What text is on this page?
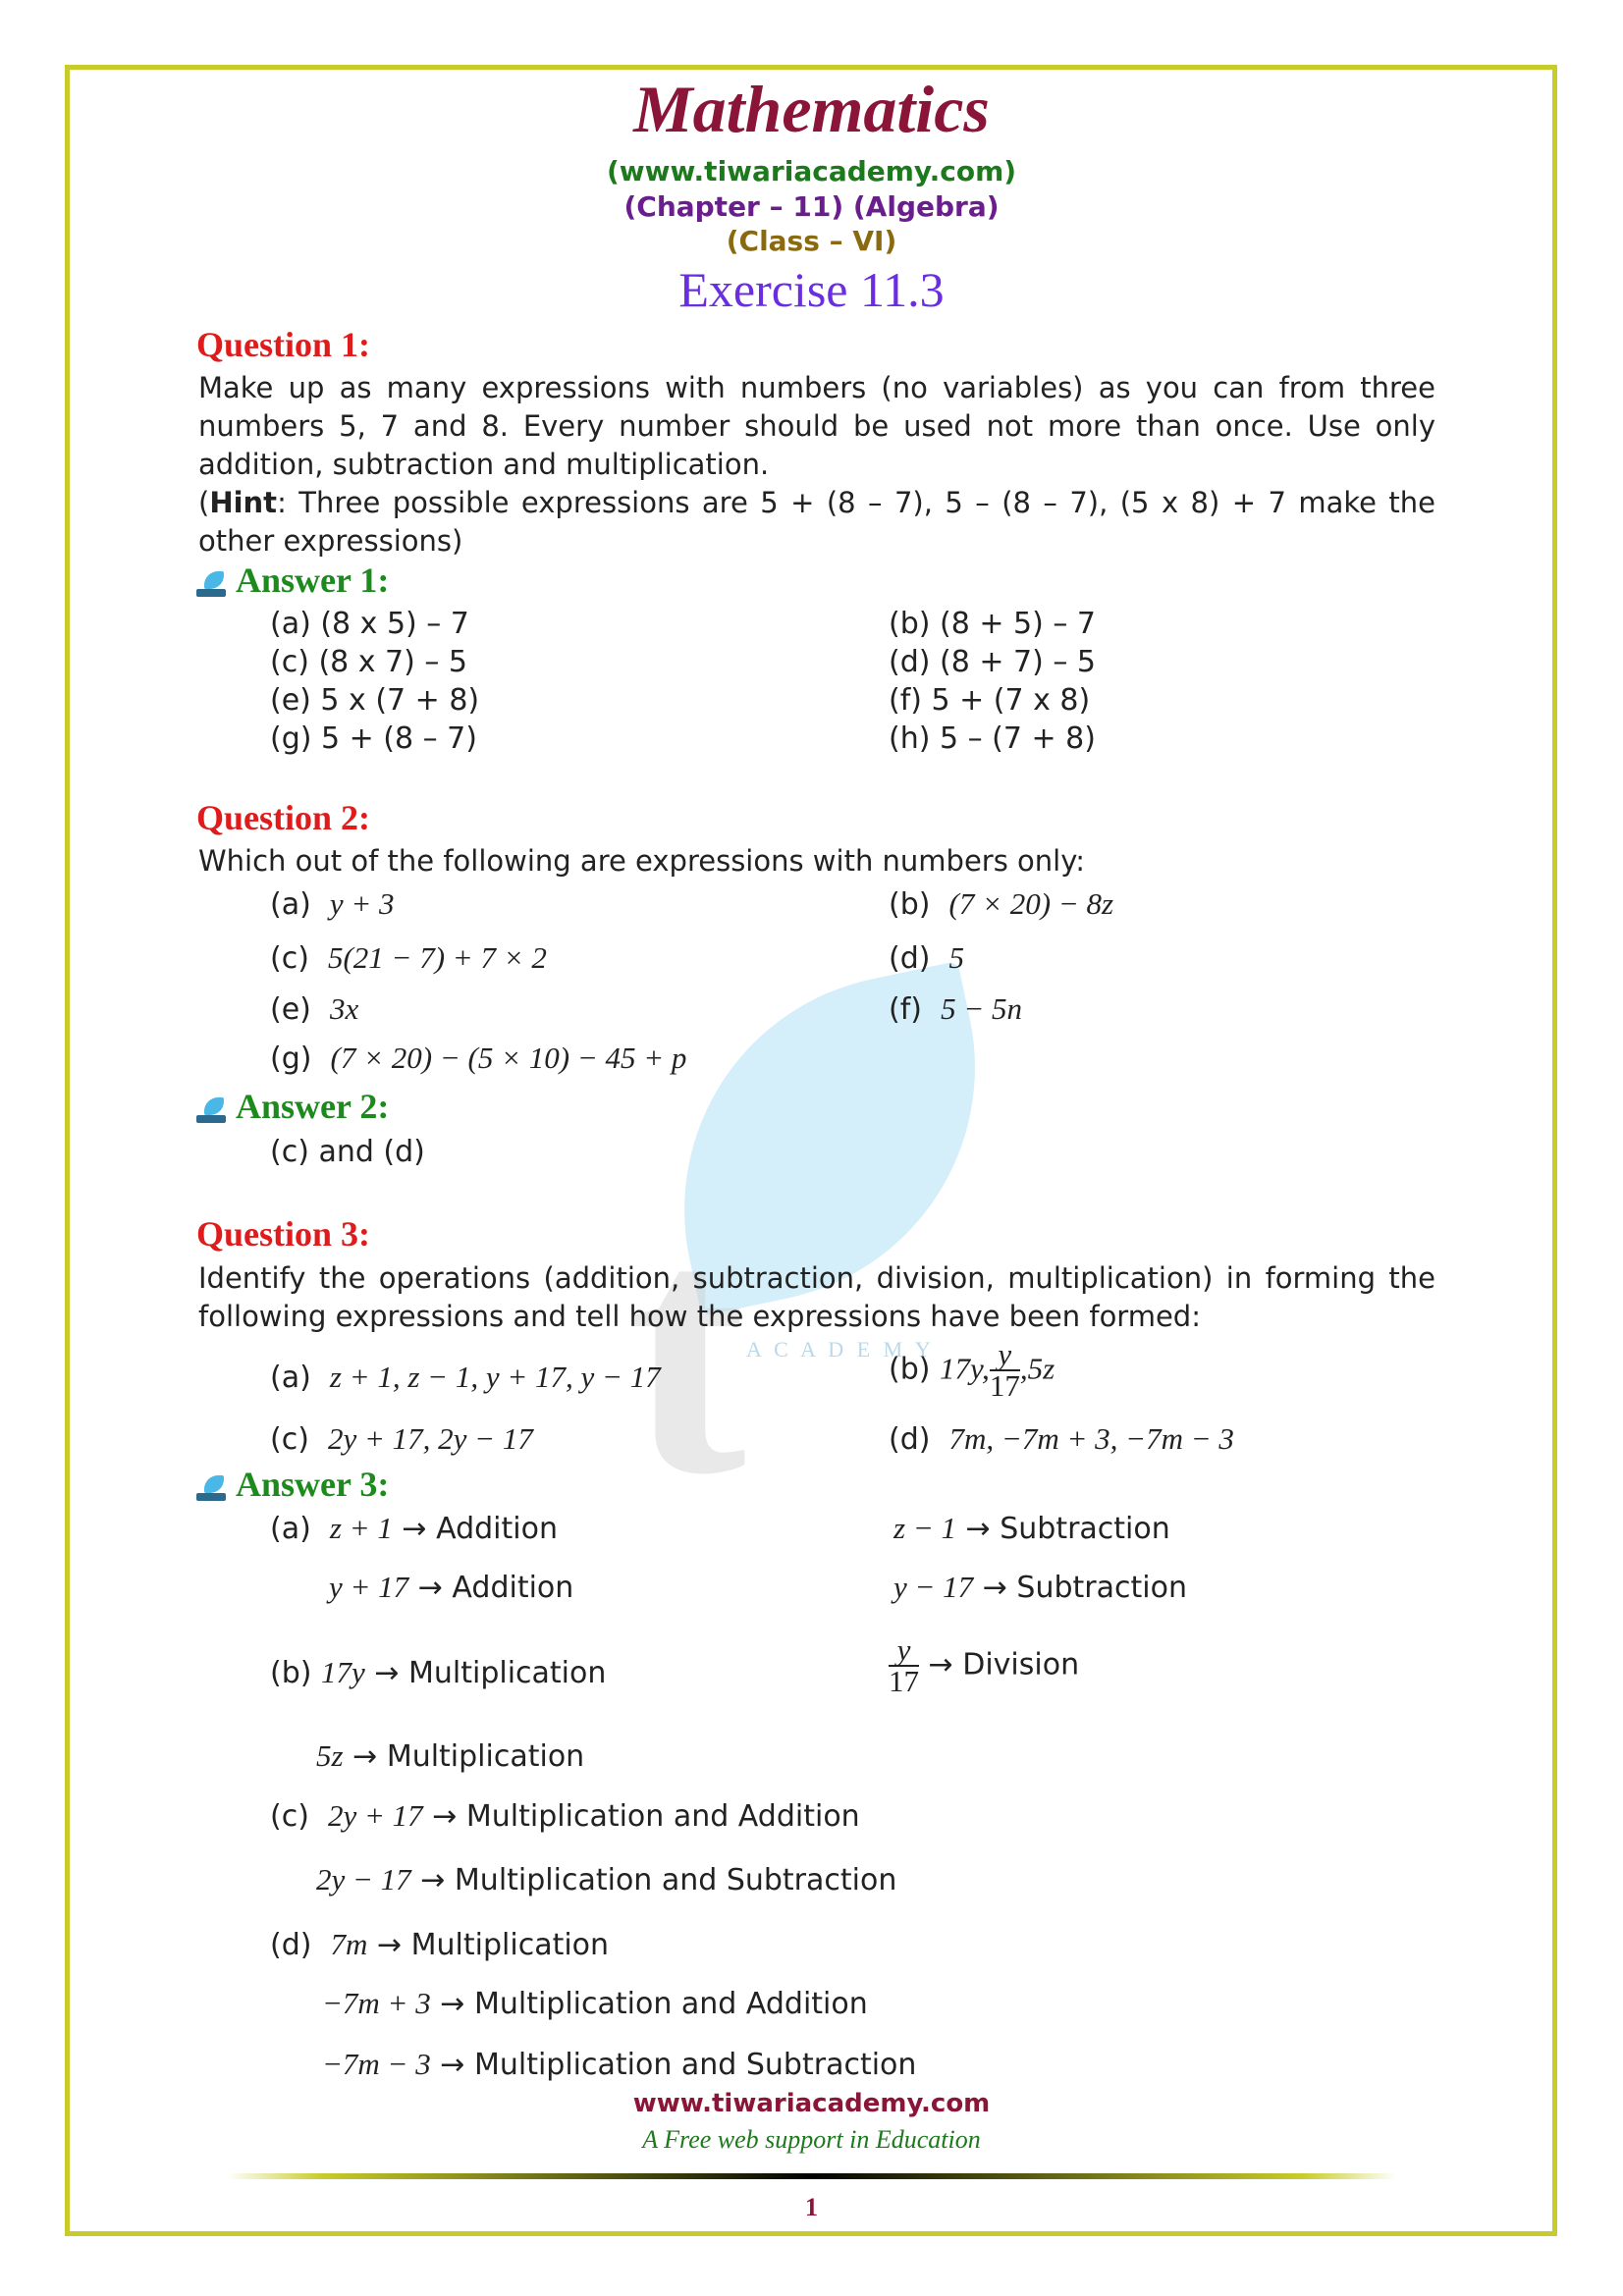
t A C A D E M Y
Mathematics
(www.tiwariacademy.com)
(Chapter – 11) (Algebra)
(Class – VI)
Exercise 11.3
Question 1:
Make up as many expressions with numbers (no variables) as you can from three numbers 5, 7 and 8. Every number should be used not more than once. Use only addition, subtraction and multiplication.
(Hint: Three possible expressions are 5 + (8 – 7), 5 – (8 – 7), (5 x 8) + 7 make the other expressions)
Answer 1:
(a) (8 x 5) – 7	(b) (8 + 5) – 7
(c) (8 x 7) – 5	(d) (8 + 7) – 5
(e) 5 x (7 + 8)	(f) 5 + (7 x 8)
(g) 5 + (8 – 7)	(h) 5 – (7 + 8)
Question 2:
Which out of the following are expressions with numbers only:
(a) y + 3	(b) (7 × 20) − 8z
(c) 5(21 − 7) + 7 × 2	(d) 5
(e) 3x	(f) 5 − 5n
(g) (7 × 20) − (5 × 10) − 45 + p
Answer 2:
(c) and (d)
Question 3:
Identify the operations (addition, subtraction, division, multiplication) in forming the following expressions and tell how the expressions have been formed:
(a) z + 1, z − 1, y + 17, y − 17	(b) 17y, $\frac{y}{17} ,5z$
(c) 2y + 17, 2y − 17	(d) 7m, −7m + 3, −7m − 3
Answer 3:
(a) z + 1 → Addition	z − 1 → Subtraction
y + 17 → Addition	y − 17 → Subtraction
(b) 17y → Multiplication	$\frac{y}{17}$ → Division
5z → Multiplication
(c) 2y + 17 → Multiplication and Addition
2y − 17 → Multiplication and Subtraction
(d) 7m → Multiplication
−7m + 3 → Multiplication and Addition
−7m − 3 → Multiplication and Subtraction
www.tiwariacademy.com
A Free web support in Education
1
